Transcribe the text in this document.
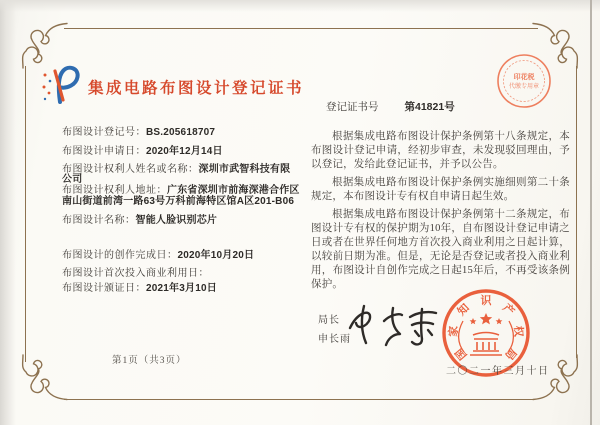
集成电路布图设计登记证书
登记证书号 第41821号
布图设计登记号：BS.205618707
布图设计申请日：2020年12月14日
布图设计权利人姓名或名称：深圳市武智科技有限公司
布图设计权利人地址：广东省深圳市前海深港合作区南山街道前湾一路63号万科前海特区馆A区201-B06
布图设计名称：智能人脸识别芯片
布图设计的创作完成日：2020年10月20日
布图设计首次投入商业利用日：
布图设计颁证日：2021年3月10日
第1页（共3页）

根据集成电路布图设计保护条例第十八条规定，本布图设计登记申请，经初步审查，未发现驳回理由，予以登记，发给此登记证书，并予以公告。

根据集成电路布图设计保护条例实施细则第二十条规定，本布图设计专有权自申请日起生效。

根据集成电路布图设计保护条例第十二条规定，布图设计专有权的保护期为10年，自布图设计登记申请之日或者在世界任何地方首次投入商业利用之日起计算，以较前日期为准。但是，无论是否登记或者投入商业利用，布图设计自创作完成之日起15年后，不再受该条例保护。

局长
申长雨
国
家
知
识
产
权
局
二〇二一年三月十日
印花税
代缴专用章
